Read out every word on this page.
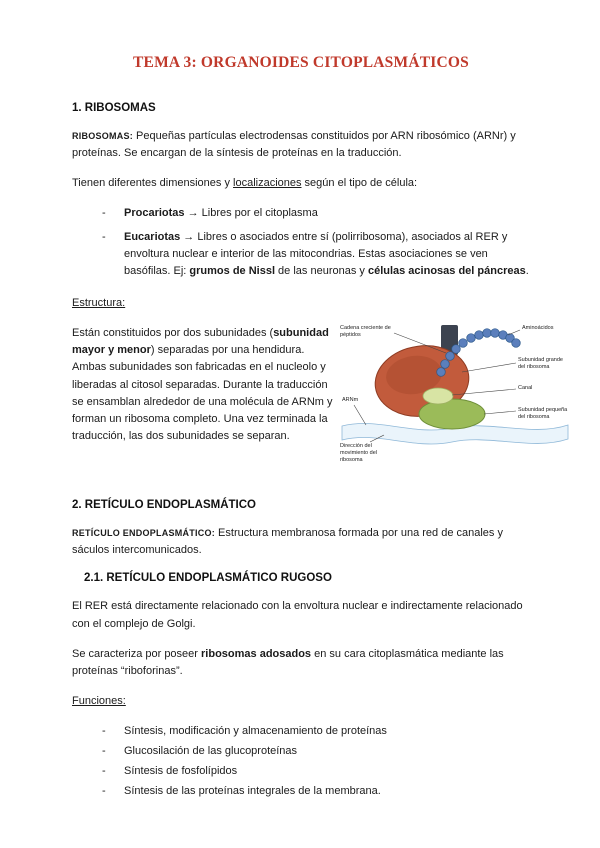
TEMA 3: ORGANOIDES CITOPLASMÁTICOS
1. RIBOSOMAS

RIBOSOMAS: Pequeñas partículas electrodensas constituidos por ARN ribosómico (ARNr) y proteínas. Se encargan de la síntesis de proteínas en la traducción.

Tienen diferentes dimensiones y localizaciones según el tipo de célula:

-
Procariotas → Libres por el citoplasma
-
Eucariotas → Libres o asociados entre sí (polirribosoma), asociados al RER y envoltura nuclear e interior de las mitocondrias. Estas asociaciones se ven basófilas. Ej: grumos de Nissl de las neuronas y células acinosas del páncreas.

Estructura:

Están constituidos por dos subunidades (subunidad mayor y menor) separadas por una hendidura. Ambas subunidades son fabricadas en el nucleolo y liberadas al citosol separadas. Durante la traducción se ensamblan alrededor de una molécula de ARNm y forman un ribosoma completo. Una vez terminada la traducción, las dos subunidades se separan.

Cadena creciente de péptidos
Aminoácidos
Subunidad grande del ribosoma
Canal
Subunidad pequeña del ribosoma
ARNm
Dirección del movimiento del ribosoma
2. RETÍCULO ENDOPLASMÁTICO

RETÍCULO ENDOPLASMÁTICO: Estructura membranosa formada por una red de canales y sáculos intercomunicados.

2.1. RETÍCULO ENDOPLASMÁTICO RUGOSO

El RER está directamente relacionado con la envoltura nuclear e indirectamente relacionado con el complejo de Golgi.

Se caracteriza por poseer ribosomas adosados en su cara citoplasmática mediante las proteínas “riboforinas”.

Funciones:

-
Síntesis, modificación y almacenamiento de proteínas
-
Glucosilación de las glucoproteínas
-
Síntesis de fosfolípidos
-
Síntesis de las proteínas integrales de la membrana.
